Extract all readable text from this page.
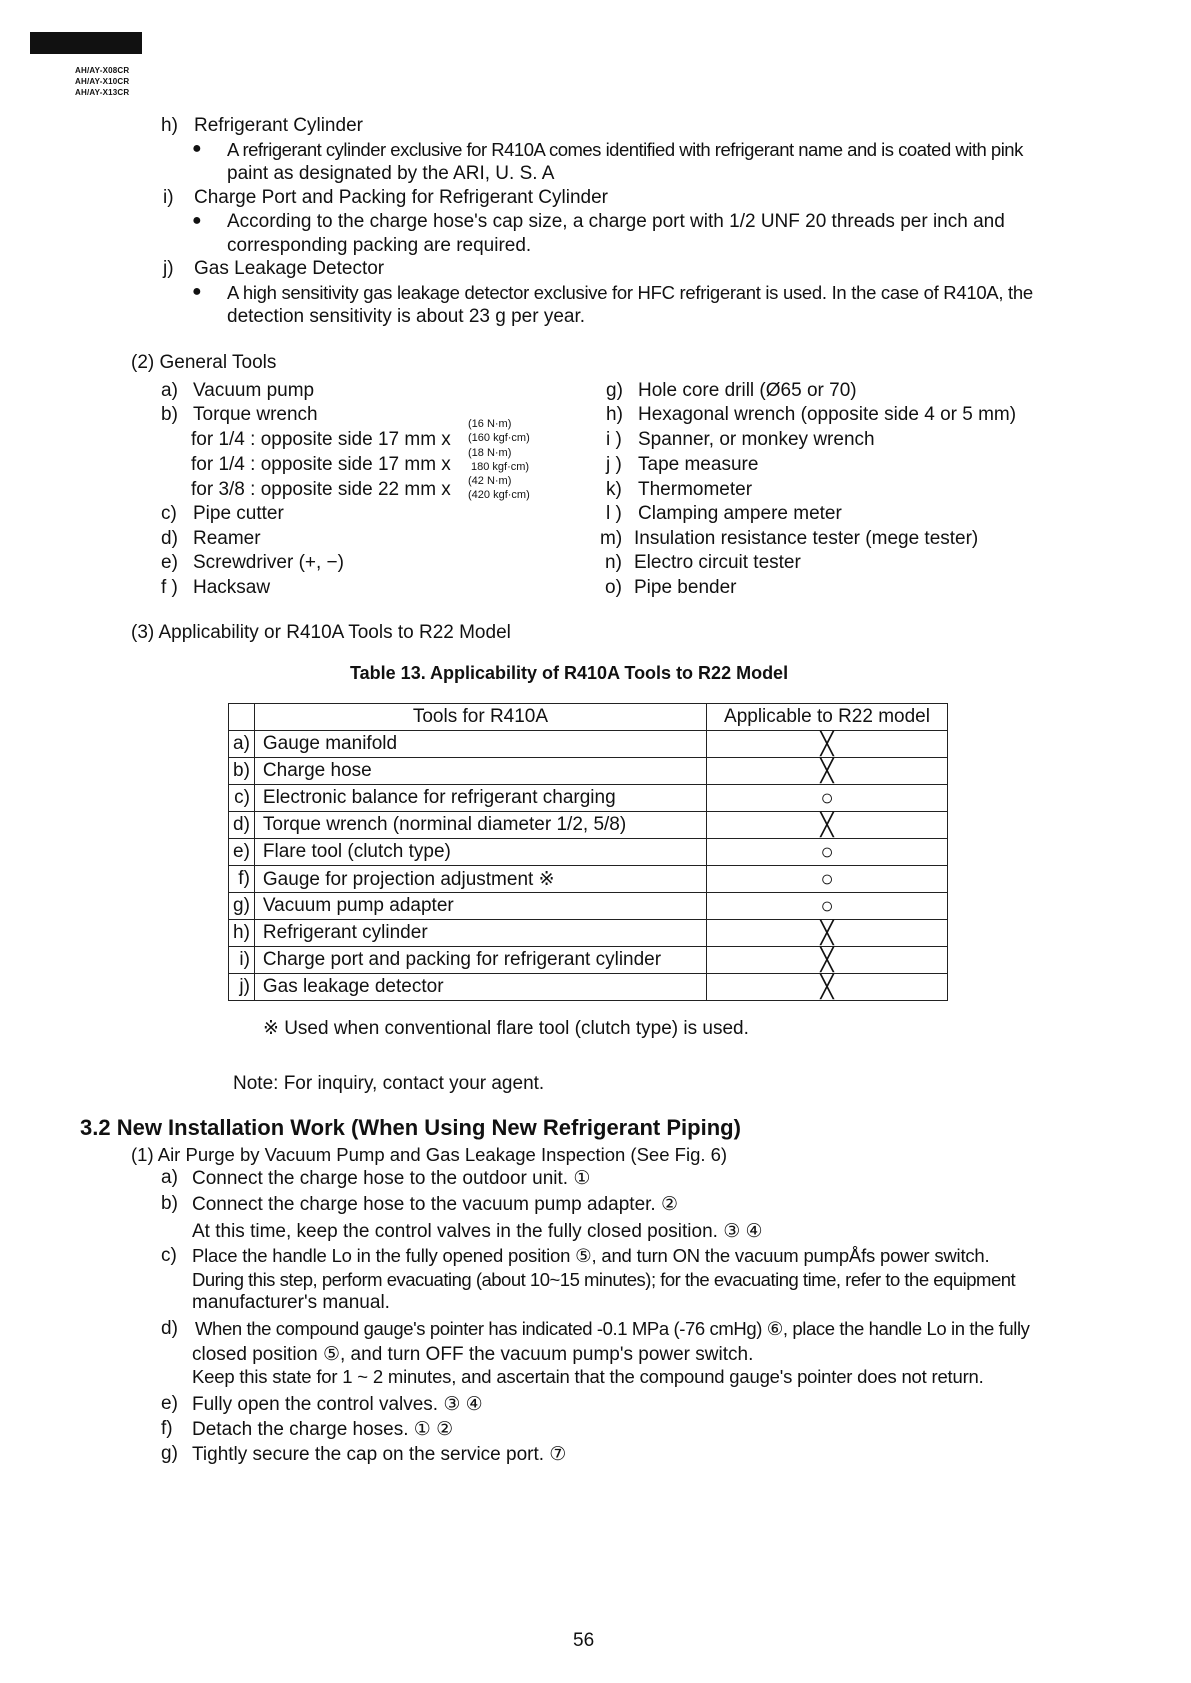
AH/AY-X08CR
AH/AY-X10CR
AH/AY-X13CR
h) Refrigerant Cylinder
● A refrigerant cylinder exclusive for R410A comes identified with refrigerant name and is coated with pink
paint as designated by the ARI, U. S. A
i) Charge Port and Packing for Refrigerant Cylinder
● According to the charge hose's cap size, a charge port with 1/2 UNF 20 threads per inch and
corresponding packing are required.
j) Gas Leakage Detector
● A high sensitivity gas leakage detector exclusive for HFC refrigerant is used. In the case of R410A, the
detection sensitivity is about 23 g per year.
(2) General Tools
a) Vacuum pump
b) Torque wrench
for 1/4 : opposite side 17 mm x
(16 N·m)
(160 kgf·cm)
for 1/4 : opposite side 17 mm x
(18 N·m)
180 kgf·cm)
for 3/8 : opposite side 22 mm x (42 N·m)
(420 kgf·cm)
c) Pipe cutter
d) Reamer
e) Screwdriver (+, −)
f ) Hacksaw
g) Hole core drill (Ø65 or 70)
h) Hexagonal wrench (opposite side 4 or 5 mm)
i ) Spanner, or monkey wrench
j ) Tape measure
k) Thermometer
l ) Clamping ampere meter
m) Insulation resistance tester (mege tester)
n) Electro circuit tester
o) Pipe bender
(3) Applicability or R410A Tools to R22 Model
Table 13. Applicability of R410A Tools to R22 Model
	Tools for R410A	Applicable to R22 model
a)	Gauge manifold	╳
b)	Charge hose	╳
c)	Electronic balance for refrigerant charging	○
d)	Torque wrench (norminal diameter 1/2, 5/8)	╳
e)	Flare tool (clutch type)	○
f)	Gauge for projection adjustment ※	○
g)	Vacuum pump adapter	○
h)	Refrigerant cylinder	╳
i)	Charge port and packing for refrigerant cylinder	╳
j)	Gas leakage detector	╳
※ Used when conventional flare tool (clutch type) is used.
Note: For inquiry, contact your agent.
3.2 New Installation Work (When Using New Refrigerant Piping)
(1) Air Purge by Vacuum Pump and Gas Leakage Inspection (See Fig. 6)
a) Connect the charge hose to the outdoor unit. ①
b) Connect the charge hose to the vacuum pump adapter. ②
At this time, keep the control valves in the fully closed position. ③ ④
c) Place the handle Lo in the fully opened position ⑤, and turn ON the vacuum pumpÅfs power switch.
During this step, perform evacuating (about 10~15 minutes); for the evacuating time, refer to the equipment
manufacturer's manual.
d) When the compound gauge's pointer has indicated -0.1 MPa (-76 cmHg) ⑥, place the handle Lo in the fully
closed position ⑤, and turn OFF the vacuum pump's power switch.
Keep this state for 1 ~ 2 minutes, and ascertain that the compound gauge's pointer does not return.
e) Fully open the control valves. ③ ④
f) Detach the charge hoses. ① ②
g) Tightly secure the cap on the service port. ⑦
56
